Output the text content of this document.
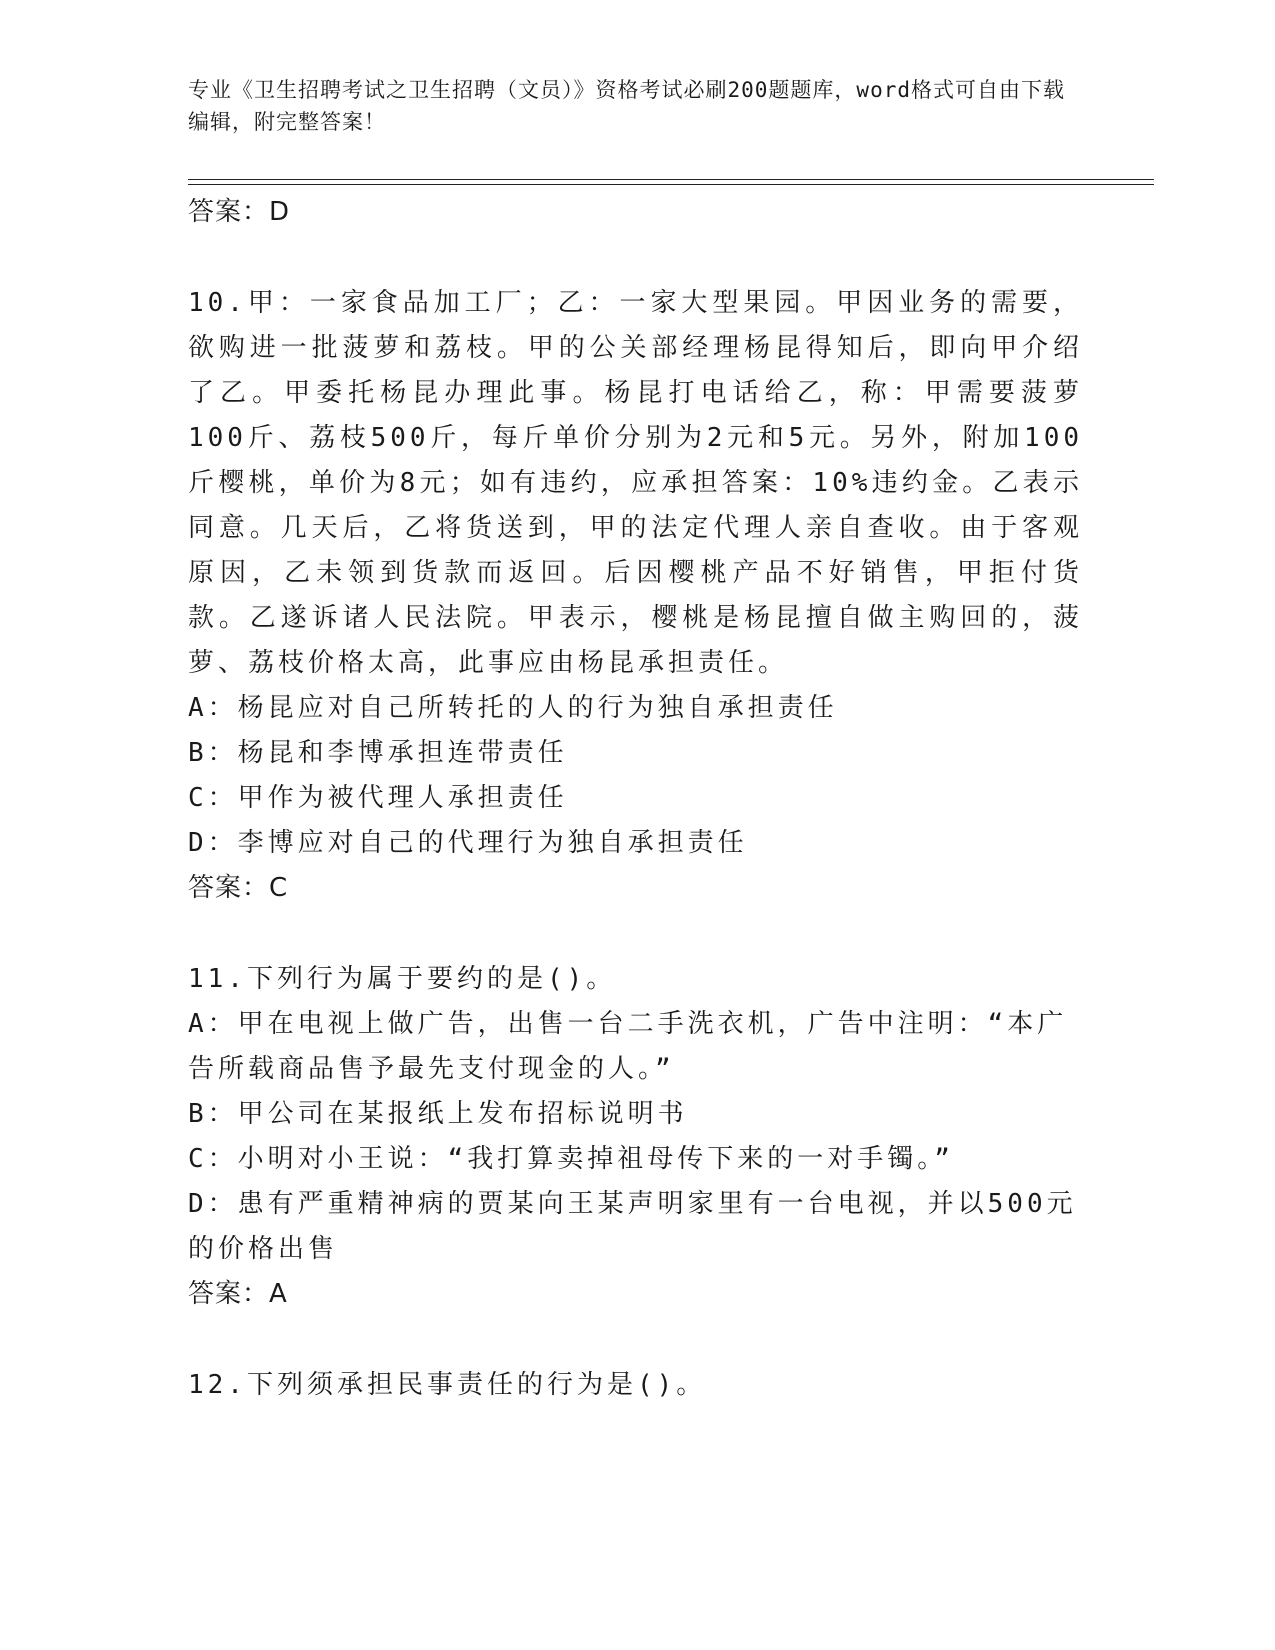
专业《卫生招聘考试之卫生招聘（文员）》资格考试必刷200题题库，word格式可自由下载编辑，附完整答案！
答案：D
10.甲：一家食品加工厂；乙：一家大型果园。甲因业务的需要，欲购进一批菠萝和荔枝。甲的公关部经理杨昆得知后，即向甲介绍了乙。甲委托杨昆办理此事。杨昆打电话给乙，称：甲需要菠萝100斤、荔枝500斤，每斤单价分别为2元和5元。另外，附加100斤樱桃，单价为8元；如有违约，应承担答案：10%违约金。乙表示同意。几天后，乙将货送到，甲的法定代理人亲自查收。由于客观原因，乙未领到货款而返回。后因樱桃产品不好销售，甲拒付货款。乙遂诉诸人民法院。甲表示，樱桃是杨昆擅自做主购回的，菠萝、荔枝价格太高，此事应由杨昆承担责任。
A：杨昆应对自己所转托的人的行为独自承担责任
B：杨昆和李博承担连带责任
C：甲作为被代理人承担责任
D：李博应对自己的代理行为独自承担责任
答案：C
11.下列行为属于要约的是()。
A：甲在电视上做广告，出售一台二手洗衣机，广告中注明：“本广告所载商品售予最先支付现金的人。”
B：甲公司在某报纸上发布招标说明书
C：小明对小王说：“我打算卖掉祖母传下来的一对手镯。”
D：患有严重精神病的贾某向王某声明家里有一台电视，并以500元的价格出售
答案：A
12.下列须承担民事责任的行为是()。
